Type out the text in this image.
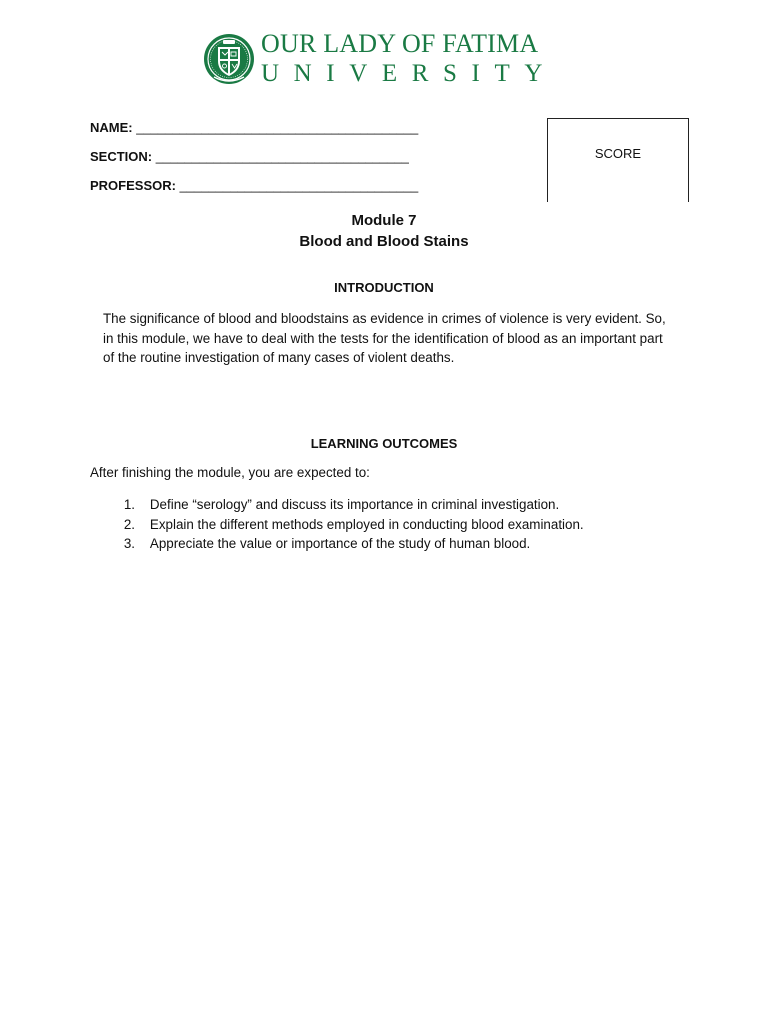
OUR LADY OF FATIMA
UNIVERSITY
NAME: _______________________________________
SECTION: ___________________________________
PROFESSOR: _________________________________
SCORE
Module 7
Blood and Blood Stains
INTRODUCTION
The significance of blood and bloodstains as evidence in crimes of violence is very evident. So, in this module, we have to deal with the tests for the identification of blood as an important part of the routine investigation of many cases of violent deaths.
LEARNING OUTCOMES
After finishing the module, you are expected to:
1. Define “serology” and discuss its importance in criminal investigation.
2. Explain the different methods employed in conducting blood examination.
3. Appreciate the value or importance of the study of human blood.
